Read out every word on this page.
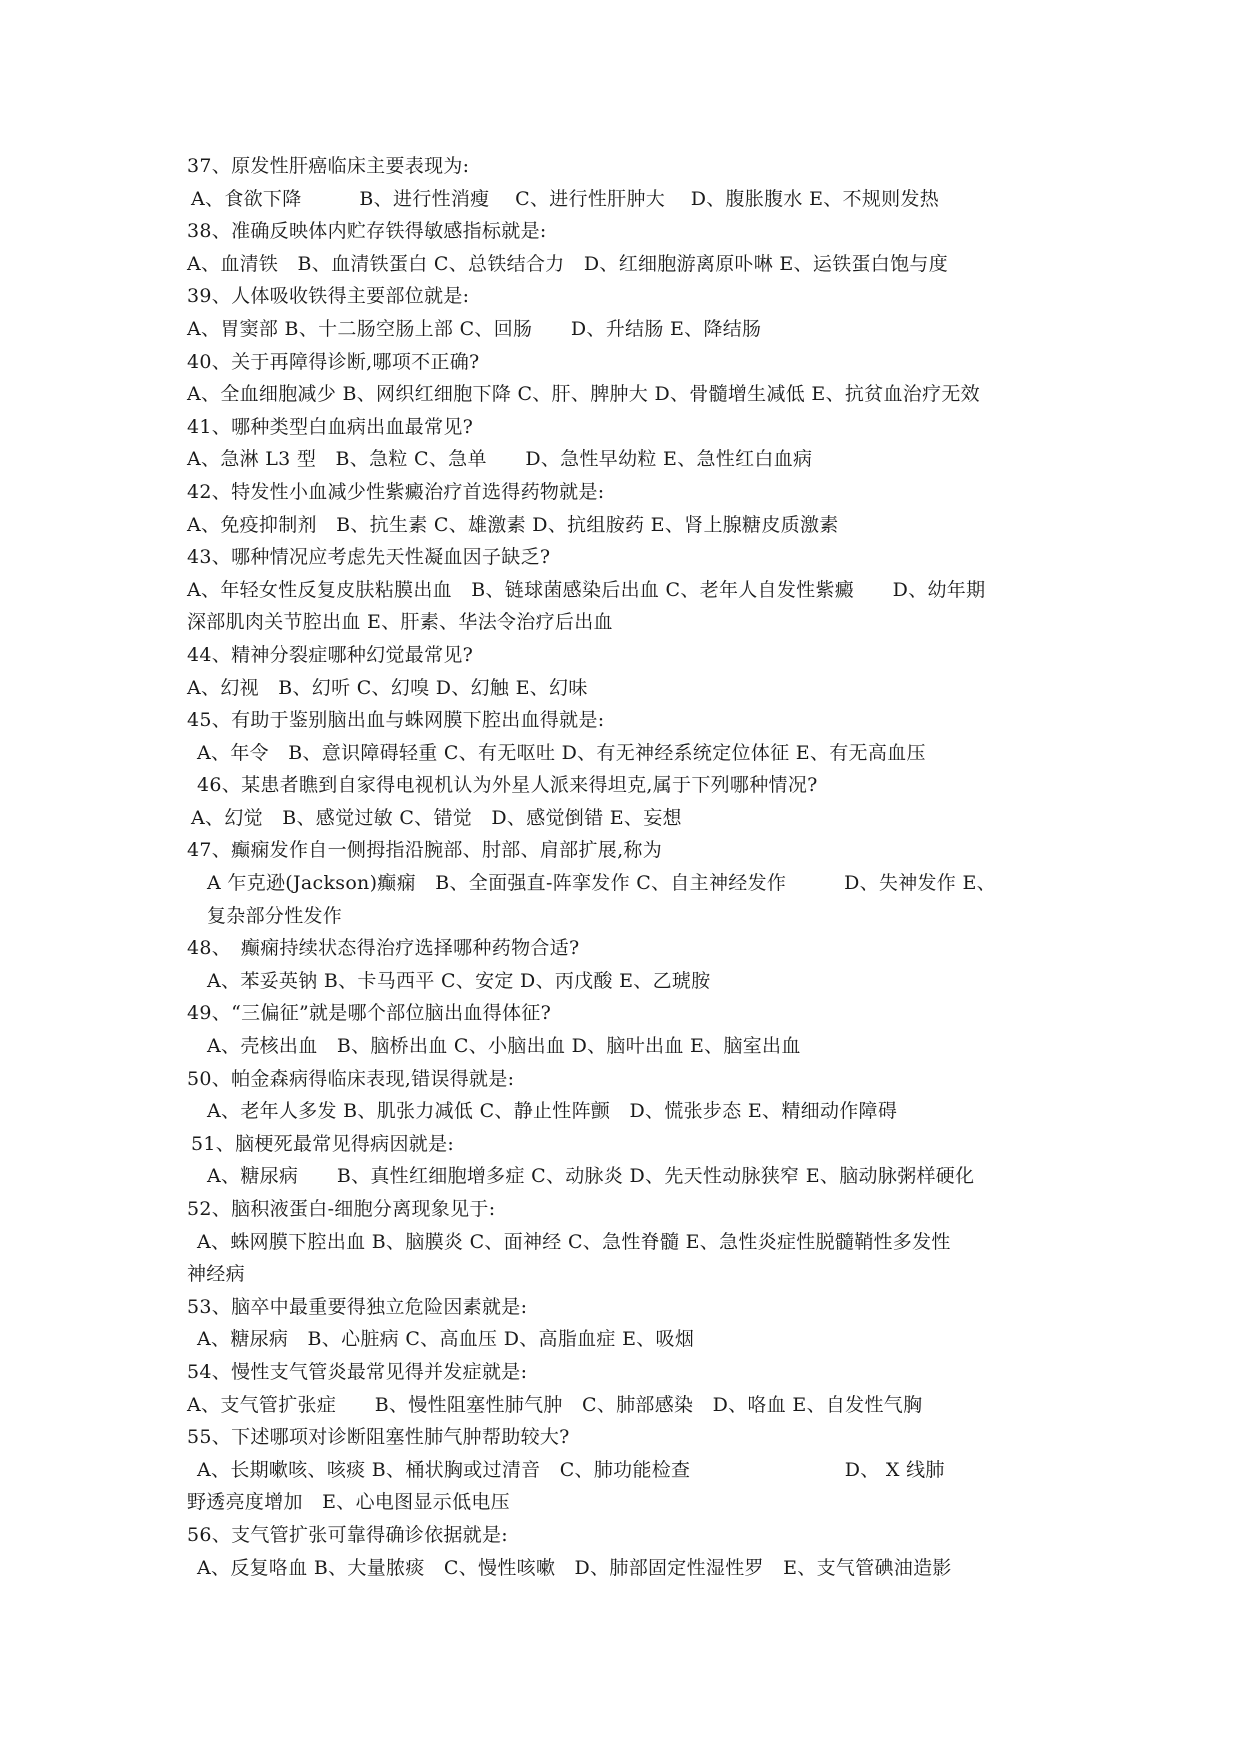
37、原发性肝癌临床主要表现为:
A、食欲下降　　　B、进行性消瘦　 C、进行性肝肿大　 D、腹胀腹水 E、不规则发热
38、准确反映体内贮存铁得敏感指标就是:
A、血清铁　B、血清铁蛋白 C、总铁结合力　D、红细胞游离原卟啉 E、运铁蛋白饱与度
39、人体吸收铁得主要部位就是:
A、胃窦部 B、十二肠空肠上部 C、回肠　　D、升结肠 E、降结肠
40、关于再障得诊断,哪项不正确?
A、全血细胞减少 B、网织红细胞下降 C、肝、脾肿大 D、骨髓增生减低 E、抗贫血治疗无效
41、哪种类型白血病出血最常见?
A、急淋 L3 型　B、急粒 C、急单　　D、急性早幼粒 E、急性红白血病
42、特发性小血减少性紫癜治疗首选得药物就是:
A、免疫抑制剂　B、抗生素 C、雄激素 D、抗组胺药 E、肾上腺糖皮质激素
43、哪种情况应考虑先天性凝血因子缺乏?
A、年轻女性反复皮肤粘膜出血　B、链球菌感染后出血 C、老年人自发性紫癜　　D、幼年期
深部肌肉关节腔出血 E、肝素、华法令治疗后出血
44、精神分裂症哪种幻觉最常见?
A、幻视　B、幻听 C、幻嗅 D、幻触 E、幻味
45、有助于鉴别脑出血与蛛网膜下腔出血得就是:
A、年令　B、意识障碍轻重 C、有无呕吐 D、有无神经系统定位体征 E、有无高血压
46、某患者瞧到自家得电视机认为外星人派来得坦克,属于下列哪种情况?
A、幻觉　B、感觉过敏 C、错觉　D、感觉倒错 E、妄想
47、癫痫发作自一侧拇指沿腕部、肘部、肩部扩展,称为
A 乍克逊(Jackson)癫痫　B、全面强直-阵挛发作 C、自主神经发作　　　D、失神发作 E、
复杂部分性发作
48、　癫痫持续状态得治疗选择哪种药物合适?
A、苯妥英钠 B、卡马西平 C、安定 D、丙戊酸 E、乙琥胺
49、“三偏征”就是哪个部位脑出血得体征?
A、壳核出血　B、脑桥出血 C、小脑出血 D、脑叶出血 E、脑室出血
50、帕金森病得临床表现,错误得就是:
A、老年人多发 B、肌张力减低 C、静止性阵颤　D、慌张步态 E、精细动作障碍
51、脑梗死最常见得病因就是:
A、糖尿病　　B、真性红细胞增多症 C、动脉炎 D、先天性动脉狭窄 E、脑动脉粥样硬化
52、脑积液蛋白-细胞分离现象见于:
A、蛛网膜下腔出血 B、脑膜炎 C、面神经 C、急性脊髓 E、急性炎症性脱髓鞘性多发性
神经病
53、脑卒中最重要得独立危险因素就是:
A、糖尿病　B、心脏病 C、高血压 D、高脂血症 E、吸烟
54、慢性支气管炎最常见得并发症就是:
A、支气管扩张症　　B、慢性阻塞性肺气肿　C、肺部感染　D、咯血 E、自发性气胸
55、下述哪项对诊断阻塞性肺气肿帮助较大?
A、长期嗽咳、咳痰 B、桶状胸或过清音　C、肺功能检查　　　　　　　　D、 X 线肺
野透亮度增加　E、心电图显示低电压
56、支气管扩张可靠得确诊依据就是:
A、反复咯血 B、大量脓痰　C、慢性咳嗽　D、肺部固定性湿性罗　E、支气管碘油造影
